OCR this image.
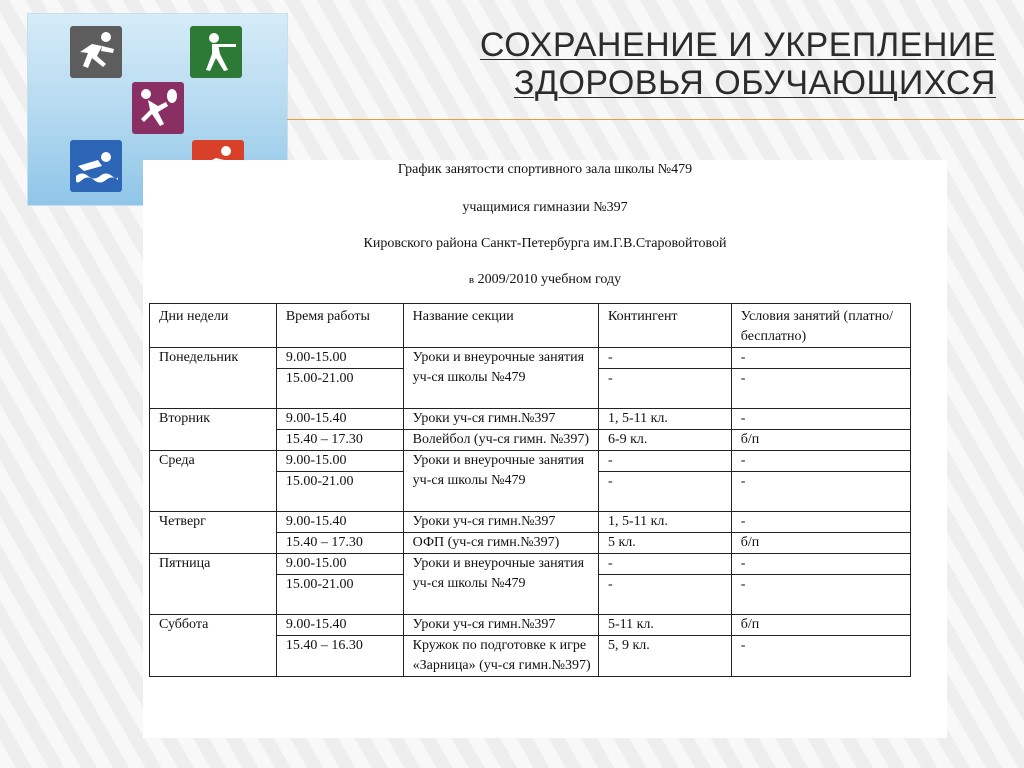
СОХРАНЕНИЕ И УКРЕПЛЕНИЕ
ЗДОРОВЬЯ ОБУЧАЮЩИХСЯ
График занятости спортивного зала школы №479
учащимися гимназии №397
Кировского района Санкт-Петербурга им.Г.В.Старовойтовой
в 2009/2010 учебном году
Дни недели	Время работы	Название секции	Контингент	Условия занятий (платно/бесплатно)
Понедельник	9.00-15.00	Уроки и внеурочные занятия уч-ся школы №479	-	-
	15.00-21.00		-	-
Вторник	9.00-15.40	Уроки уч-ся гимн.№397	1, 5-11 кл.	-
	15.40 – 17.30	Волейбол (уч-ся гимн. №397)	6-9 кл.	б/п
Среда	9.00-15.00	Уроки и внеурочные занятия уч-ся школы №479	-	-
	15.00-21.00		-	-
Четверг	9.00-15.40	Уроки уч-ся гимн.№397	1, 5-11 кл.	-
	15.40 – 17.30	ОФП (уч-ся гимн.№397)	5 кл.	б/п
Пятница	9.00-15.00	Уроки и внеурочные занятия уч-ся школы №479	-	-
	15.00-21.00		-	-
Суббота	9.00-15.40	Уроки уч-ся гимн.№397	5-11 кл.	б/п
	15.40 – 16.30	Кружок по подготовке к игре «Зарница» (уч-ся гимн.№397)	5, 9 кл.	-
